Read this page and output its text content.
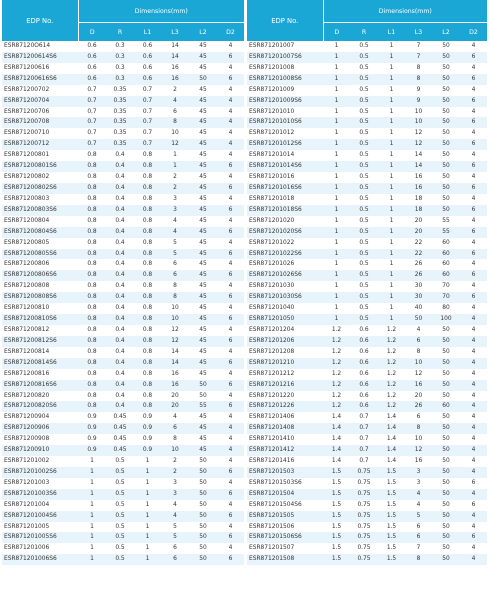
EDP No.	Dimensions(mm)					
	D	R	L1	L3	L2	D2
ESR87120O614	0.6	0.3	0.6	14	45	4
ESR871200614S6	0.6	0.3	0.6	14	45	6
ESR871200616	0.6	0.3	0.6	16	45	4
ESR871200616S6	0.6	0.3	0.6	16	50	6
ESR871200702	0.7	0.35	0.7	2	45	4
ESR871200704	0.7	0.35	0.7	4	45	4
ESR871200706	0.7	0.35	0.7	6	45	4
ESR871200708	0.7	0.35	0.7	8	45	4
ESR871200710	0.7	0.35	0.7	10	45	4
ESR871200712	0.7	0.35	0.7	12	45	4
ESR871200801	0.8	0.4	0.8	1	45	4
ESR871200801S6	0.8	0.4	0.8	1	45	6
ESR871200802	0.8	0.4	0.8	2	45	4
ESR871200802S6	0.8	0.4	0.8	2	45	6
ESR871200803	0.8	0.4	0.8	3	45	4
ESR871200803S6	0.8	0.4	0.8	3	45	6
ESR871200804	0.8	0.4	0.8	4	45	4
ESR871200804S6	0.8	0.4	0.8	4	45	6
ESR871200805	0.8	0.4	0.8	5	45	4
ESR871200805S6	0.8	0.4	0.8	5	45	6
ESR871200806	0.8	0.4	0.8	6	45	4
ESR871200806S6	0.8	0.4	0.8	6	45	6
ESR871200808	0.8	0.4	0.8	8	45	4
ESR871200808S6	0.8	0.4	0.8	8	45	6
ESR871200810	0.8	0.4	0.8	10	45	4
ESR871200810S6	0.8	0.4	0.8	10	45	6
ESR871200812	0.8	0.4	0.8	12	45	4
ESR871200812S6	0.8	0.4	0.8	12	45	6
ESR871200814	0.8	0.4	0.8	14	45	4
ESR871200814S6	0.8	0.4	0.8	14	45	6
ESR871200816	0.8	0.4	0.8	16	45	4
ESR871200816S6	0.8	0.4	0.8	16	50	6
ESR871200820	0.8	0.4	0.8	20	50	4
ESR871200820S6	0.8	0.4	0.8	20	55	6
ESR871200904	0.9	0.45	0.9	4	45	4
ESR871200906	0.9	0.45	0.9	6	45	4
ESR871200908	0.9	0.45	0.9	8	45	4
ESR871200910	0.9	0.45	0.9	10	45	4
ESR871201002	1	0.5	1	2	50	4
ESR871201002S6	1	0.5	1	2	50	6
ESR871201003	1	0.5	1	3	50	4
ESR871201003S6	1	0.5	1	3	50	6
ESR871201004	1	0.5	1	4	50	4
ESR871201004S6	1	0.5	1	4	50	6
ESR871201005	1	0.5	1	5	50	4
ESR871201005S6	1	0.5	1	5	50	6
ESR871201006	1	0.5	1	6	50	4
ESR871201006S6	1	0.5	1	6	50	6
EDP No.	Dimensions(mm)					
	D	R	L1	L3	L2	D2
ESR871201007	1	0.5	1	7	50	4
ESR871201007S6	1	0.5	1	7	50	6
ESR871201008	1	0.5	1	8	50	4
ESR871201008S6	1	0.5	1	8	50	6
ESR871201009	1	0.5	1	9	50	4
ESR871201009S6	1	0.5	1	9	50	6
ESR871201010	1	0.5	1	10	50	4
ESR871201010S6	1	0.5	1	10	50	6
ESR871201012	1	0.5	1	12	50	4
ESR871201012S6	1	0.5	1	12	50	6
ESR871201014	1	0.5	1	14	50	4
ESR871201014S6	1	0.5	1	14	50	6
ESR871201016	1	0.5	1	16	50	4
ESR871201016S6	1	0.5	1	16	50	6
ESR871201018	1	0.5	1	18	50	4
ESR871201018S6	1	0.5	1	18	50	6
ESR871201020	1	0.5	1	20	55	4
ESR871201020S6	1	0.5	1	20	55	6
ESR871201022	1	0.5	1	22	60	4
ESR871201022S6	1	0.5	1	22	60	6
ESR871201026	1	0.5	1	26	60	4
ESR871201026S6	1	0.5	1	26	60	6
ESR871201030	1	0.5	1	30	70	4
ESR871201030S6	1	0.5	1	30	70	6
ESR871201040	1	0.5	1	40	80	4
ESR871201050	1	0.5	1	50	100	4
ESR871201204	1.2	0.6	1.2	4	50	4
ESR871201206	1.2	0.6	1.2	6	50	4
ESR871201208	1.2	0.6	1.2	8	50	4
ESR871201210	1.2	0.6	1.2	10	50	4
ESR871201212	1.2	0.6	1.2	12	50	4
ESR871201216	1.2	0.6	1.2	16	50	4
ESR871201220	1.2	0.6	1.2	20	50	4
ESR871201226	1.2	0.6	1.2	26	60	4
ESR871201406	1.4	0.7	1.4	6	50	4
ESR871201408	1.4	0.7	1.4	8	50	4
ESR871201410	1.4	0.7	1.4	10	50	4
ESR871201412	1.4	0.7	1.4	12	50	4
ESR871201416	1.4	0.7	1.4	16	50	4
ESR871201503	1.5	0.75	1.5	3	50	4
ESR871201503S6	1.5	0.75	1.5	3	50	6
ESR871201504	1.5	0.75	1.5	4	50	4
ESR871201504S6	1.5	0.75	1.5	4	50	6
ESR871201505	1.5	0.75	1.5	5	50	4
ESR871201506	1.5	0.75	1.5	6	50	4
ESR871201506S6	1.5	0.75	1.5	6	50	6
ESR871201507	1.5	0.75	1.5	7	50	4
ESR871201508	1.5	0.75	1.5	8	50	4
